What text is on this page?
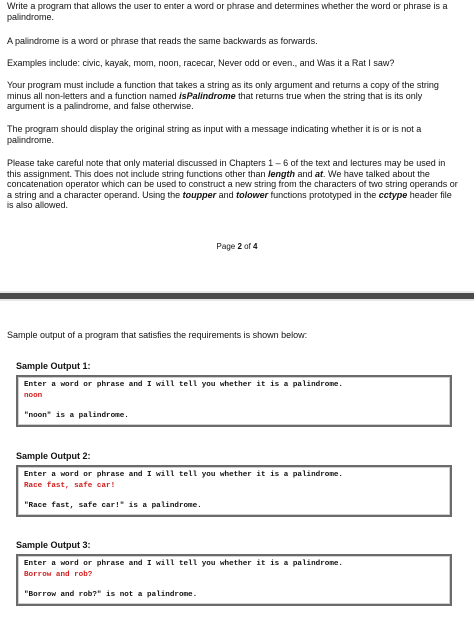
Write a program that allows the user to enter a word or phrase and determines whether the word or phrase is a palindrome.

A palindrome is a word or phrase that reads the same backwards as forwards.

Examples include: civic, kayak, mom, noon, racecar, Never odd or even., and Was it a Rat I saw?

Your program must include a function that takes a string as its only argument and returns a copy of the string minus all non-letters and a function named isPalindrome that returns true when the string that is its only argument is a palindrome, and false otherwise.

The program should display the original string as input with a message indicating whether it is or is not a palindrome.

Please take careful note that only material discussed in Chapters 1 – 6 of the text and lectures may be used in this assignment. This does not include string functions other than length and at. We have talked about the concatenation operator which can be used to construct a new string from the characters of two string operands or a string and a character operand. Using the toupper and tolower functions prototyped in the cctype header file is also allowed.

Page 2 of 4
Sample output of a program that satisfies the requirements is shown below:
Sample Output 1:
Enter a word or phrase and I will tell you whether it is a palindrome.
noon
"noon" is a palindrome.
Sample Output 2:
Enter a word or phrase and I will tell you whether it is a palindrome.
Race fast, safe car!
"Race fast, safe car!" is a palindrome.
Sample Output 3:
Enter a word or phrase and I will tell you whether it is a palindrome.
Borrow and rob?
"Borrow and rob?" is not a palindrome.
